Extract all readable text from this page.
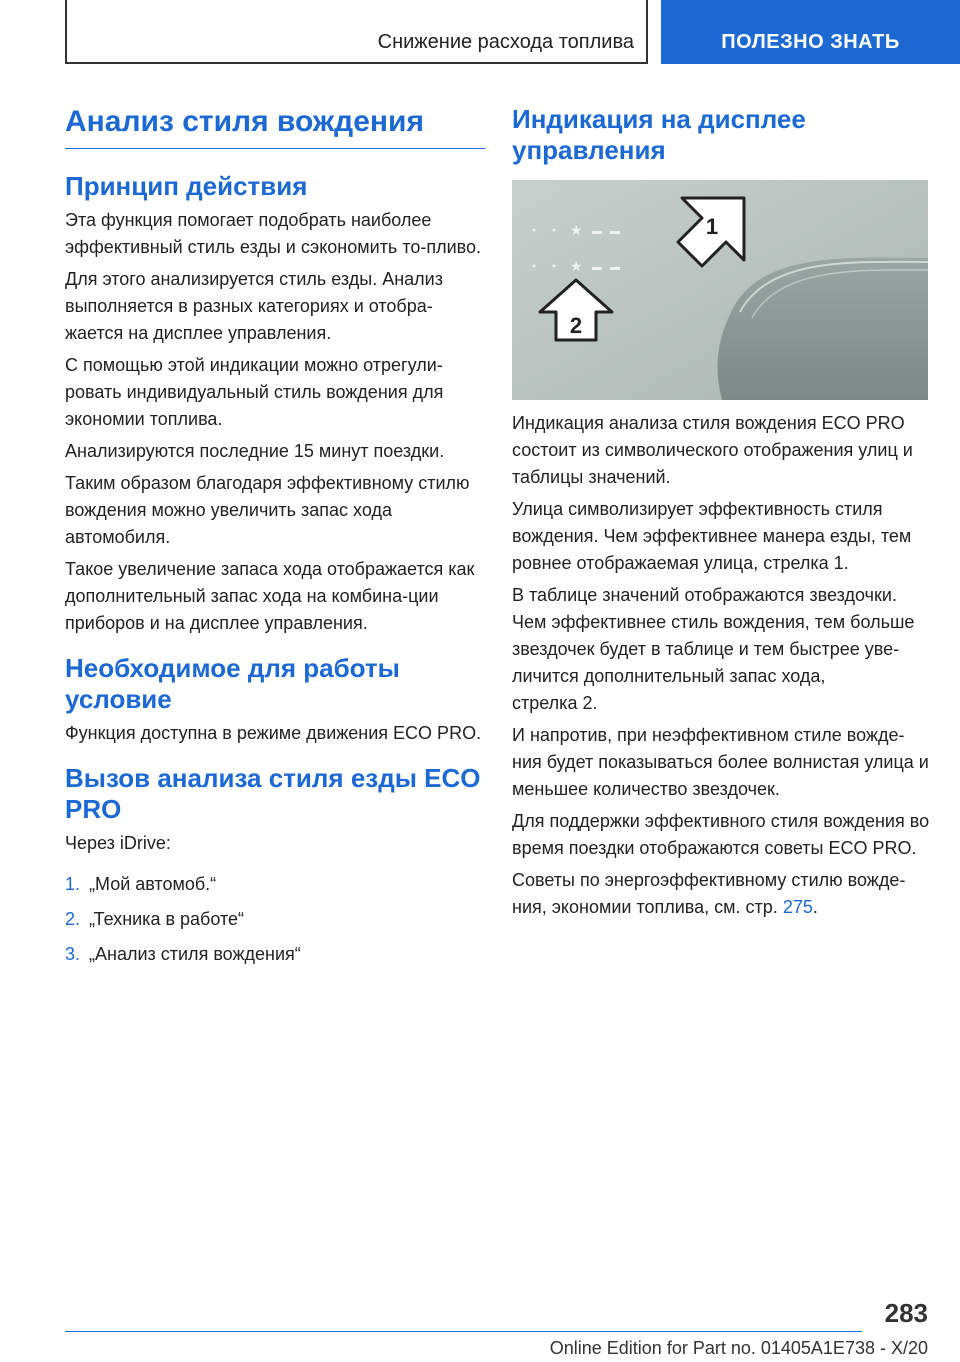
Снижение расхода топлива	ПОЛЕЗНО ЗНАТЬ
Анализ стиля вождения
Принцип действия

Эта функция помогает подобрать наиболее эффективный стиль езды и сэкономить то-пливо.

Для этого анализируется стиль езды. Анализ выполняется в разных категориях и отобра-жается на дисплее управления.

С помощью этой индикации можно отрегули-ровать индивидуальный стиль вождения для экономии топлива.

Анализируются последние 15 минут поездки.

Таким образом благодаря эффективному стилю вождения можно увеличить запас хода автомобиля.

Такое увеличение запаса хода отображается как дополнительный запас хода на комбина-ции приборов и на дисплее управления.

Необходимое для работы условие

Функция доступна в режиме движения ECO PRO.

Вызов анализа стиля езды ECO PRO

Через iDrive:

1. „Мой автомоб.“
2. „Техника в работе“
3. „Анализ стиля вождения“
Индикация на дисплее управления
★
★
1
2

Индикация анализа стиля вождения ECO PRO состоит из символического отображения улиц и таблицы значений.

Улица символизирует эффективность стиля вождения. Чем эффективнее манера езды, тем ровнее отображаемая улица, стрелка 1.

В таблице значений отображаются звездочки. Чем эффективнее стиль вождения, тем больше звездочек будет в таблице и тем быстрее уве-личится дополнительный запас хода,

стрелка 2.

И напротив, при неэффективном стиле вожде-ния будет показываться более волнистая улица и меньшее количество звездочек.

Для поддержки эффективного стиля вождения во время поездки отображаются советы ECO PRO.

Советы по энергоэффективному стилю вожде-ния, экономии топлива, см. стр. 275.

283
Online Edition for Part no. 01405A1E738 - X/20
